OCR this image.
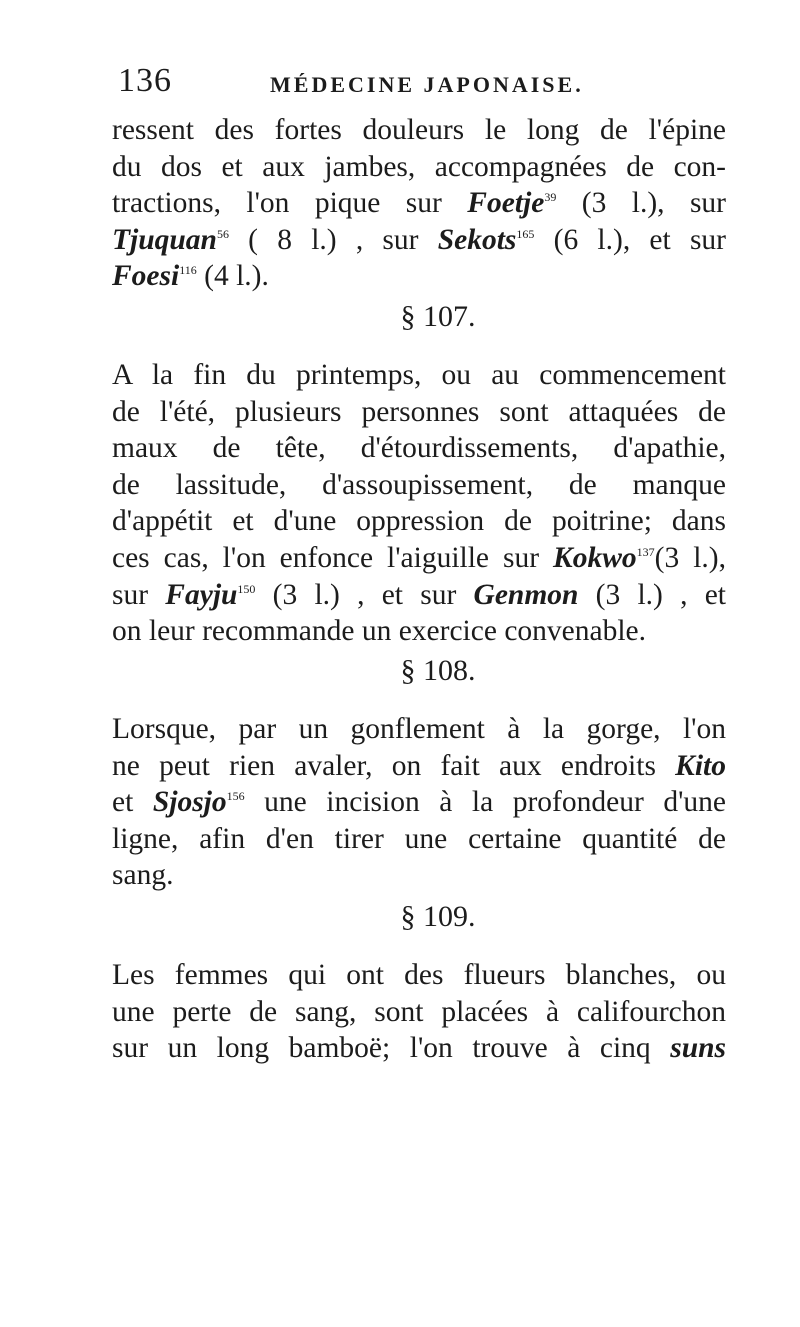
136	MÉDECINE JAPONAISE.
ressent des fortes douleurs le long de l'épine
du dos et aux jambes, accompagnées de con-
tractions, l'on pique sur Foetje$^{39}$ (3 l.), sur
Tjuquan$^{56}$ ( 8 l.) , sur Sekots$^{165}$ (6 l.), et sur
Foesi$^{116}$ (4 l.).
§ 107.
A la fin du printemps, ou au commencement
de l'été, plusieurs personnes sont attaquées de
maux de tête, d'étourdissements, d'apathie,
de lassitude, d'assoupissement, de manque
d'appétit et d'une oppression de poitrine; dans
ces cas, l'on enfonce l'aiguille sur Kokwo$^{137}$(3 l.),
sur Fayju$^{150}$ (3 l.) , et sur Genmon (3 l.) , et
on leur recommande un exercice convenable.
§ 108.
Lorsque, par un gonflement à la gorge, l'on
ne peut rien avaler, on fait aux endroits Kito
et Sjosjo$^{156}$ une incision à la profondeur d'une
ligne, afin d'en tirer une certaine quantité de
sang.
§ 109.
Les femmes qui ont des flueurs blanches, ou
une perte de sang, sont placées à califourchon
sur un long bamboë; l'on trouve à cinq suns
